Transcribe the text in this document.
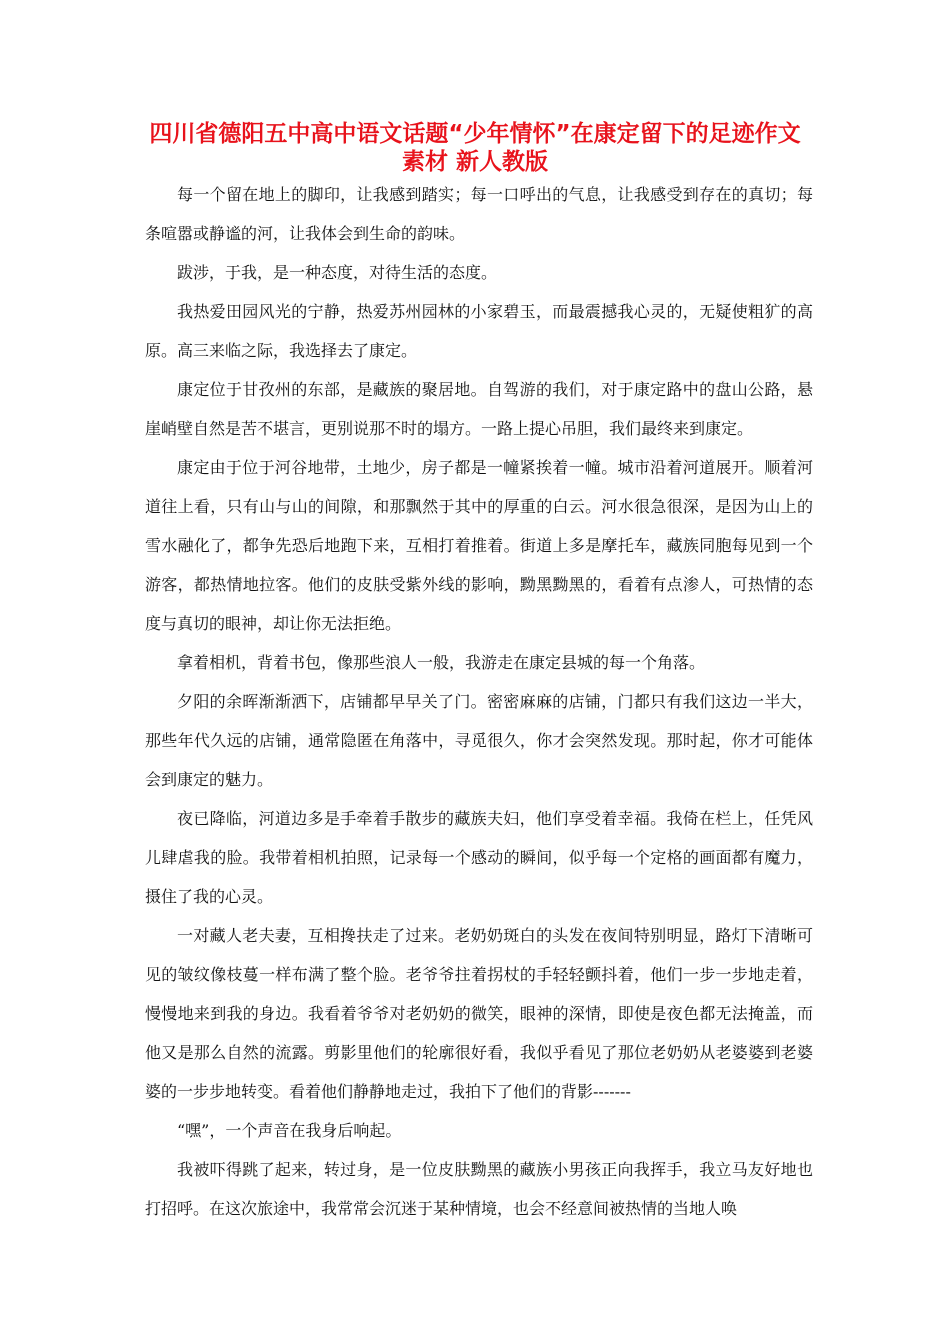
四川省德阳五中高中语文话题“少年情怀”在康定留下的足迹作文
素材 新人教版

每一个留在地上的脚印，让我感到踏实；每一口呼出的气息，让我感受到存在的真切；每条喧嚣或静谧的河，让我体会到生命的韵味。

跋涉，于我，是一种态度，对待生活的态度。

我热爱田园风光的宁静，热爱苏州园林的小家碧玉，而最震撼我心灵的，无疑使粗犷的高原。高三来临之际，我选择去了康定。

康定位于甘孜州的东部，是藏族的聚居地。自驾游的我们，对于康定路中的盘山公路，悬崖峭壁自然是苦不堪言，更别说那不时的塌方。一路上提心吊胆，我们最终来到康定。

康定由于位于河谷地带，土地少，房子都是一幢紧挨着一幢。城市沿着河道展开。顺着河道往上看，只有山与山的间隙，和那飘然于其中的厚重的白云。河水很急很深，是因为山上的雪水融化了，都争先恐后地跑下来，互相打着推着。街道上多是摩托车，藏族同胞每见到一个游客，都热情地拉客。他们的皮肤受紫外线的影响，黝黑黝黑的，看着有点渗人，可热情的态度与真切的眼神，却让你无法拒绝。

拿着相机，背着书包，像那些浪人一般，我游走在康定县城的每一个角落。

夕阳的余晖渐渐洒下，店铺都早早关了门。密密麻麻的店铺，门都只有我们这边一半大，那些年代久远的店铺，通常隐匿在角落中，寻觅很久，你才会突然发现。那时起，你才可能体会到康定的魅力。

夜已降临，河道边多是手牵着手散步的藏族夫妇，他们享受着幸福。我倚在栏上，任凭风儿肆虐我的脸。我带着相机拍照，记录每一个感动的瞬间，似乎每一个定格的画面都有魔力，摄住了我的心灵。

一对藏人老夫妻，互相搀扶走了过来。老奶奶斑白的头发在夜间特别明显，路灯下清晰可见的皱纹像枝蔓一样布满了整个脸。老爷爷拄着拐杖的手轻轻颤抖着，他们一步一步地走着，慢慢地来到我的身边。我看着爷爷对老奶奶的微笑，眼神的深情，即使是夜色都无法掩盖，而他又是那么自然的流露。剪影里他们的轮廓很好看，我似乎看见了那位老奶奶从老婆婆到老婆婆的一步步地转变。看着他们静静地走过，我拍下了他们的背影-------

“嘿”，一个声音在我身后响起。

我被吓得跳了起来，转过身，是一位皮肤黝黑的藏族小男孩正向我挥手，我立马友好地也打招呼。在这次旅途中，我常常会沉迷于某种情境，也会不经意间被热情的当地人唤
